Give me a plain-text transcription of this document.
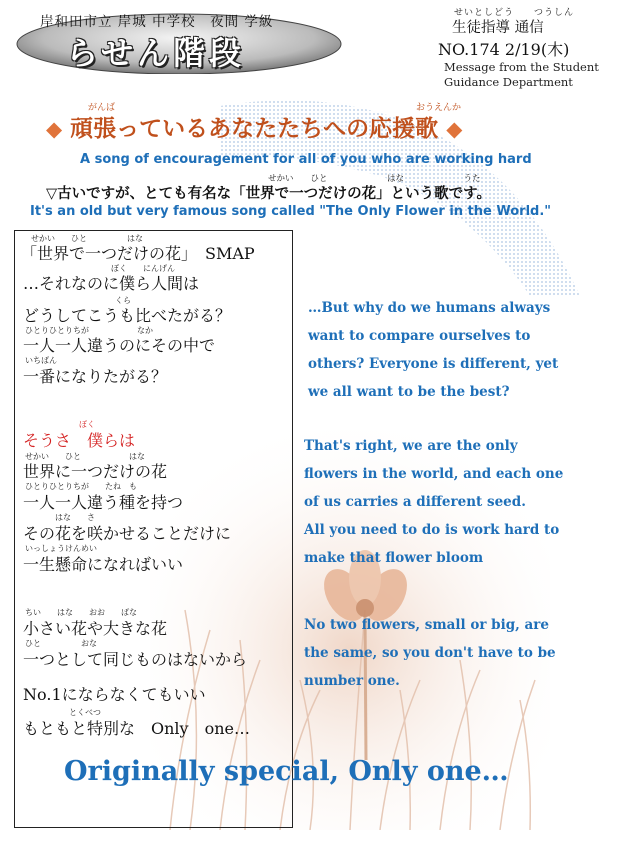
岸和田市立 岸城 中学校　夜間 学級
らせん階段
せいとしどう　　つうしん
生徒指導 通信
NO.174 2/19(木)
Message from the Student
Guidance Department
がんば	おうえんか
◆ 頑張っているあなたたちへの応援歌 ◆
A song of encouragement for all of you who are working hard
せかい　　ひと　　　　　　　はな　　　　　　　うた
▽古いですが、とても有名な「世界で一つだけの花」という歌です。
It's an old but very famous song called "The Only Flower in the World."
せかい　　ひと　　　　　はな
「世界で一つだけの花」　SMAP
ぼく　　にんげん
…それなのに僕ら人間は
くら
どうしてこうも比べたがる？
ひとりひとりちが　　　　　　なか
一人一人違うのにその中で
いちばん
一番になりたがる？
ぼく
そうさ　僕らは
せかい　　ひと　　　　　　はな
世界に一つだけの花
ひとりひとりちが　　たね　も
一人一人違う種を持つ
はな　　さ
その花を咲かせることだけに
いっしょうけんめい
一生懸命になればいい
ちい　　はな　　おお　　ばな
小さい花や大きな花
ひと　　　　　おな
一つとして同じものはないから
No.1にならなくてもいい
とくべつ
もともと特別な　Only　one…
…But why do we humans always
want to compare ourselves to
others? Everyone is different, yet
we all want to be the best?
That's right, we are the only
flowers in the world, and each one
of us carries a different seed.
All you need to do is work hard to
make that flower bloom
No two flowers, small or big, are
the same, so you don't have to be
number one.
Originally special, Only one…
